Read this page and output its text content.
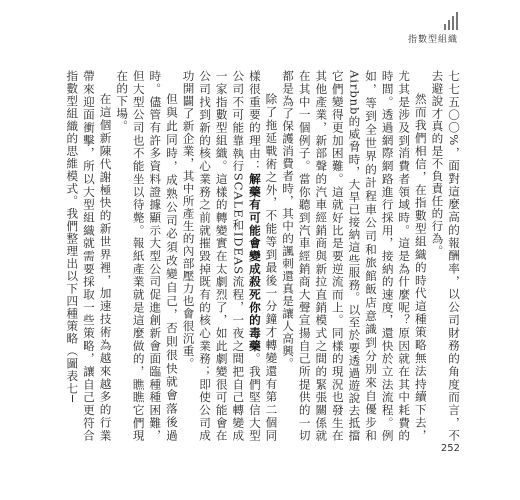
指數型組織

七七五〇〇%，面對這麼高的報酬率，以公司財務的角度而言，不去避說才真的是不負責任的行為。

然而我們相信，在指數型組織的時代這種策略無法持續下去，尤其是涉及到消費者領域時。這是為什麼呢？原因就在其中耗費的時間。透過網際網路進行採用，接納的速度，還快於立法流程。例如，等到全世界的計程車公司和旅館飯店意識到分別來自優步和Airbnb的威脅時，大旱已接納這些服務。以至於要透過遊說去抵擋它們變得更加困難。這就好比是要逆流而上。同樣的現況也發生在其他產業，新部聲的汽車經銷商與新拉直銷模式之間的緊張關係就在其中一個例子。當你聽到汽車經銷商大聲宣揚自己所提供的一切都是為了保護消費者時，其中的諷刺還真是讓人高興。

除了拖延戰術之外，不能等到最後一分鐘才轉變還有第二個同樣很重要的理由：解藥有可能會變成殺死你的毒藥。我們堅信大型公司不可能靠執行SCALE和IDEAS流程，一夜之間把自己轉變成一家指數型組織。這樣的轉變實在太劇烈了，如此劇變很可能會在公司找到新的核心業務之前就摧毀掉既有的核心業務；即使公司成功開闢了新企業，其中所產生的內部壓力也會很沉重。

但與此同時，成熟公司必須改變自己，否則很快就會落後過時。儘管有許多資料證據顯示大型公司促進創新會面臨種種困難，但大型公司也不能坐以待斃。報紙產業就是這麼做的，瞧瞧它們現在的下場。

在這個新陳代謝極快的新世界裡，加速技術為越來越多的行業帶來迎面衝擊，所以大型組織就需要採取一些策略，讓自己更符合指數型組織的思維模式。我們整理出以下四種策略（圖表七─

252
